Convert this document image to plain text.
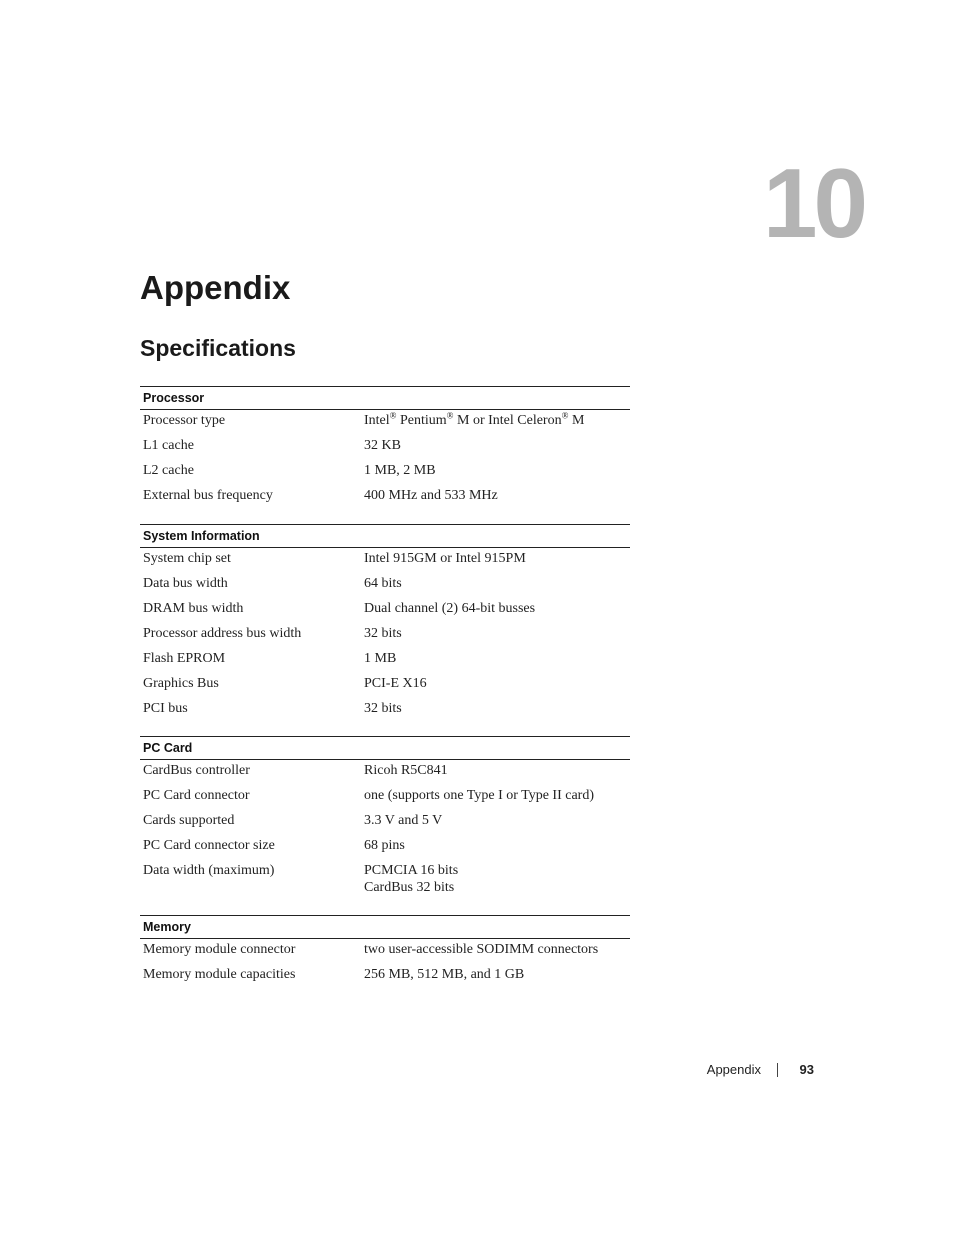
10
Appendix
Specifications
Processor
Processor type	Intel® Pentium® M or Intel Celeron® M
L1 cache	32 KB
L2 cache	1 MB, 2 MB
External bus frequency	400 MHz and 533 MHz
System Information
System chip set	Intel 915GM or Intel 915PM
Data bus width	64 bits
DRAM bus width	Dual channel (2) 64-bit busses
Processor address bus width	32 bits
Flash EPROM	1 MB
Graphics Bus	PCI-E X16
PCI bus	32 bits
PC Card
CardBus controller	Ricoh R5C841
PC Card connector	one (supports one Type I or Type II card)
Cards supported	3.3 V and 5 V
PC Card connector size	68 pins
Data width (maximum)	PCMCIA 16 bits
CardBus 32 bits
Memory
Memory module connector	two user-accessible SODIMM connectors
Memory module capacities	256 MB, 512 MB, and 1 GB
Appendix	93
